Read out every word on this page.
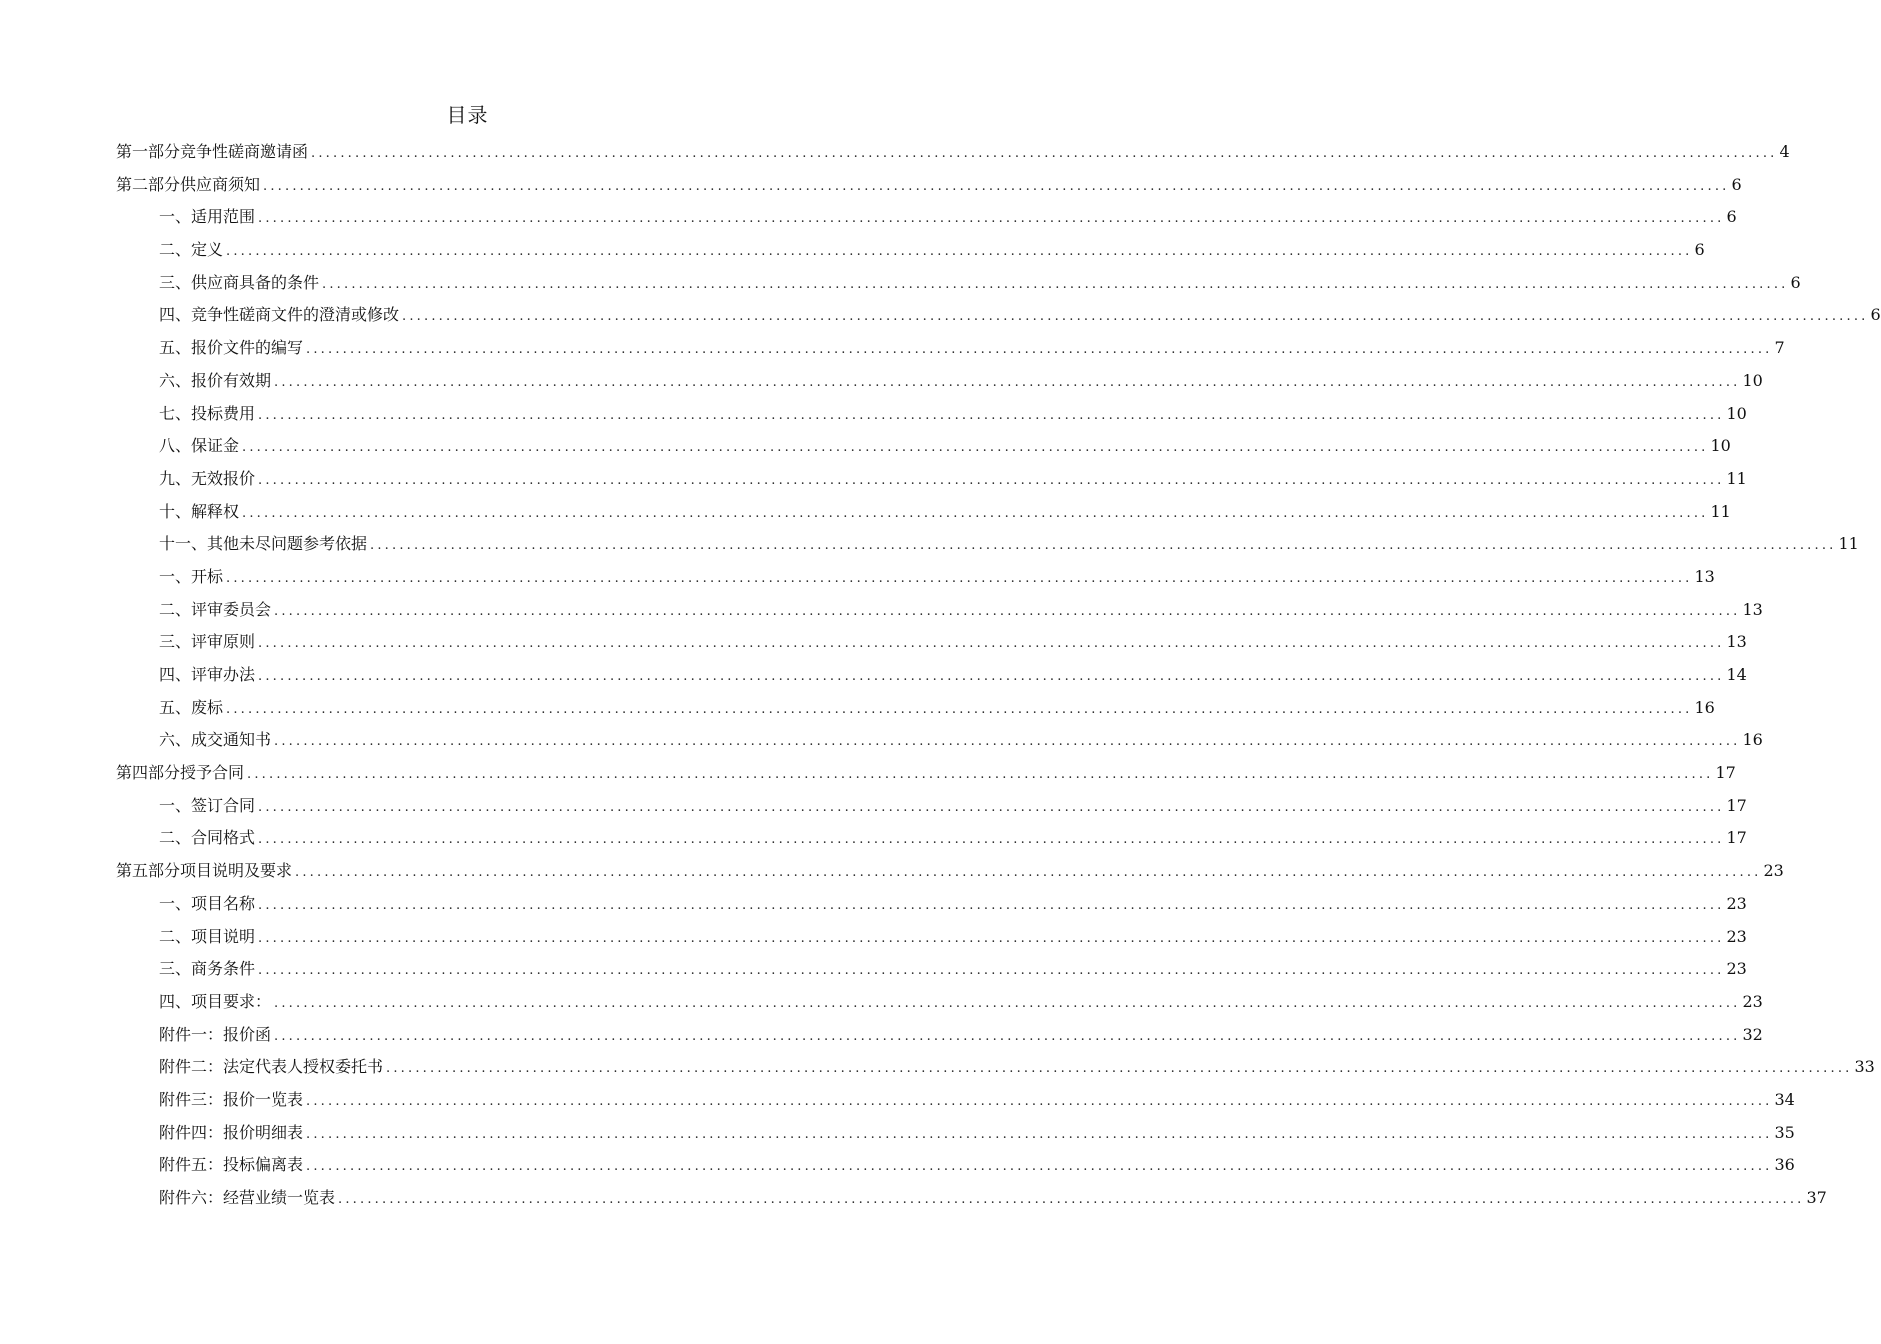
目录
第一部分竞争性磋商邀请函 ........................................................................................................................................................................................................ 4
第二部分供应商须知 ........................................................................................................................................................................................................ 6
一、适用范围 ........................................................................................................................................................................................................ 6
二、定义 ........................................................................................................................................................................................................ 6
三、供应商具备的条件 ........................................................................................................................................................................................................ 6
四、竞争性磋商文件的澄清或修改 ........................................................................................................................................................................................................ 6
五、报价文件的编写 ........................................................................................................................................................................................................ 7
六、报价有效期 ........................................................................................................................................................................................................ 10
七、投标费用 ........................................................................................................................................................................................................ 10
八、保证金 ........................................................................................................................................................................................................ 10
九、无效报价 ........................................................................................................................................................................................................ 11
十、解释权 ........................................................................................................................................................................................................ 11
十一、其他未尽问题参考依据 ........................................................................................................................................................................................................ 11
一、开标 ........................................................................................................................................................................................................ 13
二、评审委员会 ........................................................................................................................................................................................................ 13
三、评审原则 ........................................................................................................................................................................................................ 13
四、评审办法 ........................................................................................................................................................................................................ 14
五、废标 ........................................................................................................................................................................................................ 16
六、成交通知书 ........................................................................................................................................................................................................ 16
第四部分授予合同 ........................................................................................................................................................................................................ 17
一、签订合同 ........................................................................................................................................................................................................ 17
二、合同格式 ........................................................................................................................................................................................................ 17
第五部分项目说明及要求 ........................................................................................................................................................................................................ 23
一、项目名称 ........................................................................................................................................................................................................ 23
二、项目说明 ........................................................................................................................................................................................................ 23
三、商务条件 ........................................................................................................................................................................................................ 23
四、项目要求： ........................................................................................................................................................................................................ 23
附件一：报价函 ........................................................................................................................................................................................................ 32
附件二：法定代表人授权委托书 ........................................................................................................................................................................................................ 33
附件三：报价一览表 ........................................................................................................................................................................................................ 34
附件四：报价明细表 ........................................................................................................................................................................................................ 35
附件五：投标偏离表 ........................................................................................................................................................................................................ 36
附件六：经营业绩一览表 ........................................................................................................................................................................................................ 37
